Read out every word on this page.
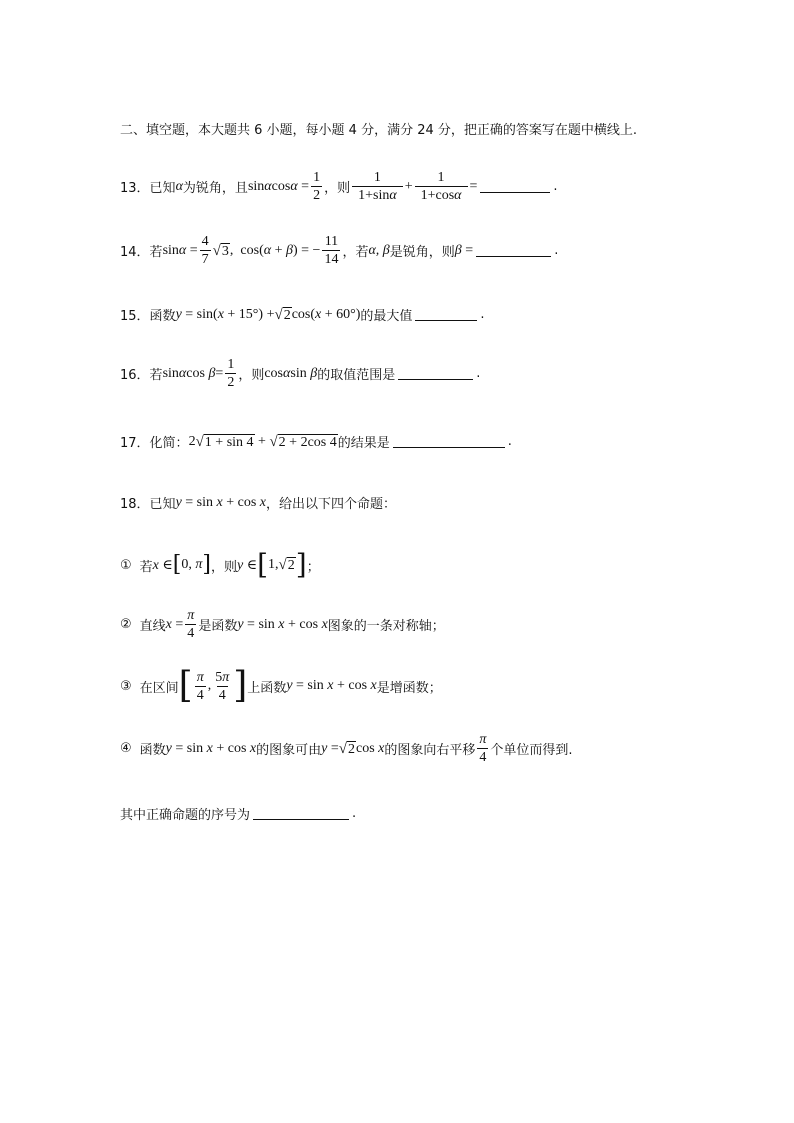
二、填空题，本大题共 6 小题，每小题 4 分，满分 24 分，把正确的答案写在题中横线上.
13． 已知 α 为锐角，且 $\sin\alpha\cos\alpha = \frac{1}{2}$ ，则 $\frac{1}{1+\sin\alpha} + \frac{1}{1+\cos\alpha}$ =	.
14． 若 $\sin\alpha = \frac{4}{7}$ √ 3 ,  cos(α + β) = − $\frac{11}{14}$ ，若 α, β 是锐角，则 β =	.
15． 函数 y = sin(x + 15°) + √ 2 cos(x + 60°) 的最大值	.
16． 若 sinαcos $\beta= \frac{1}{2}$ ，则 cosαsin β 的取值范围是	.
17． 化简： 2 √ 1 + sin 4 + √ 2 + 2cos 4 的结果是	.
18． 已知 y = sin x + cos x ，给出以下四个命题：
① 若 x ∈ [ 0, π ] ，则 y ∈ [ 1, √ 2 ] ；
② 直线 $x = \frac{\pi}{4}$ 是函数 y = sin x + cos x 图象的一条对称轴；
③ 在区间 [ $\frac{\pi}{4}$ , $\frac{5\pi}{4}$ ] 上函数 y = sin x + cos x 是增函数；
④ 函数 y = sin x + cos x 的图象可由 y = √ 2 cos x 的图象向右平移 $\frac{\pi}{4}$ 个单位而得到.
其中正确命题的序号为	.
